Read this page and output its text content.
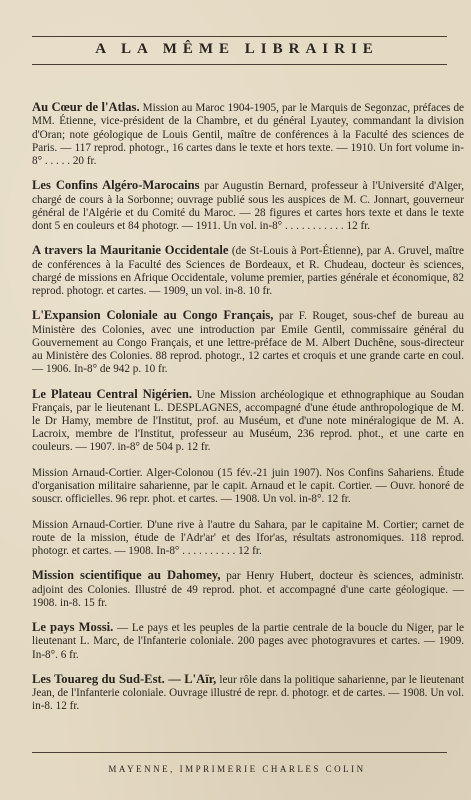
A LA MÊME LIBRAIRIE

Au Cœur de l'Atlas. Mission au Maroc 1904-1905, par le Marquis de Segonzac, préfaces de MM. Étienne, vice-président de la Chambre, et du général Lyautey, commandant la division d'Oran; note géologique de Louis Gentil, maître de conférences à la Faculté des sciences de Paris. — 117 reprod. photogr., 16 cartes dans le texte et hors texte. — 1910. Un fort volume in-8° . . . . . 20 fr.

Les Confins Algéro-Marocains par Augustin Bernard, professeur à l'Université d'Alger, chargé de cours à la Sorbonne; ouvrage publié sous les auspices de M. C. Jonnart, gouverneur général de l'Algérie et du Comité du Maroc. — 28 figures et cartes hors texte et dans le texte dont 5 en couleurs et 84 photogr. — 1911. Un vol. in-8° . . . . . . . . . . . 12 fr.

A travers la Mauritanie Occidentale (de St-Louis à Port-Étienne), par A. Gruvel, maître de conférences à la Faculté des Sciences de Bordeaux, et R. Chudeau, docteur ès sciences, chargé de missions en Afrique Occidentale, volume premier, parties générale et économique, 82 reprod. photogr. et cartes. — 1909, un vol. in-8. 10 fr.

L'Expansion Coloniale au Congo Français, par F. Rouget, sous-chef de bureau au Ministère des Colonies, avec une introduction par Emile Gentil, commissaire général du Gouvernement au Congo Français, et une lettre-préface de M. Albert Duchêne, sous-directeur au Ministère des Colonies. 88 reprod. photogr., 12 cartes et croquis et une grande carte en coul. — 1906. In-8° de 942 p. 10 fr.

Le Plateau Central Nigérien. Une Mission archéologique et ethnographique au Soudan Français, par le lieutenant L. DESPLAGNES, accompagné d'une étude anthropologique de M. le Dr Hamy, membre de l'Institut, prof. au Muséum, et d'une note minéralogique de M. A. Lacroix, membre de l'Institut, professeur au Muséum, 236 reprod. phot., et une carte en couleurs. — 1907. in-8° de 504 p. 12 fr.

Mission Arnaud-Cortier. Alger-Colonou (15 fév.-21 juin 1907). Nos Confins Sahariens. Étude d'organisation militaire saharienne, par le capit. Arnaud et le capit. Cortier. — Ouvr. honoré de souscr. officielles. 96 repr. phot. et cartes. — 1908. Un vol. in-8°. 12 fr.

Mission Arnaud-Cortier. D'une rive à l'autre du Sahara, par le capitaine M. Cortier; carnet de route de la mission, étude de l'Adr'ar' et des Ifor'as, résultats astronomiques. 118 reprod. photogr. et cartes. — 1908. In-8° . . . . . . . . . . 12 fr.

Mission scientifique au Dahomey, par Henry Hubert, docteur ès sciences, administr. adjoint des Colonies. Illustré de 49 reprod. phot. et accompagné d'une carte géologique. — 1908. in-8. 15 fr.

Le pays Mossi. — Le pays et les peuples de la partie centrale de la boucle du Niger, par le lieutenant L. Marc, de l'Infanterie coloniale. 200 pages avec photogravures et cartes. — 1909. In-8°. 6 fr.

Les Touareg du Sud-Est. — L'Aïr, leur rôle dans la politique saharienne, par le lieutenant Jean, de l'Infanterie coloniale. Ouvrage illustré de repr. d. photogr. et de cartes. — 1908. Un vol. in-8. 12 fr.

MAYENNE, IMPRIMERIE CHARLES COLIN
